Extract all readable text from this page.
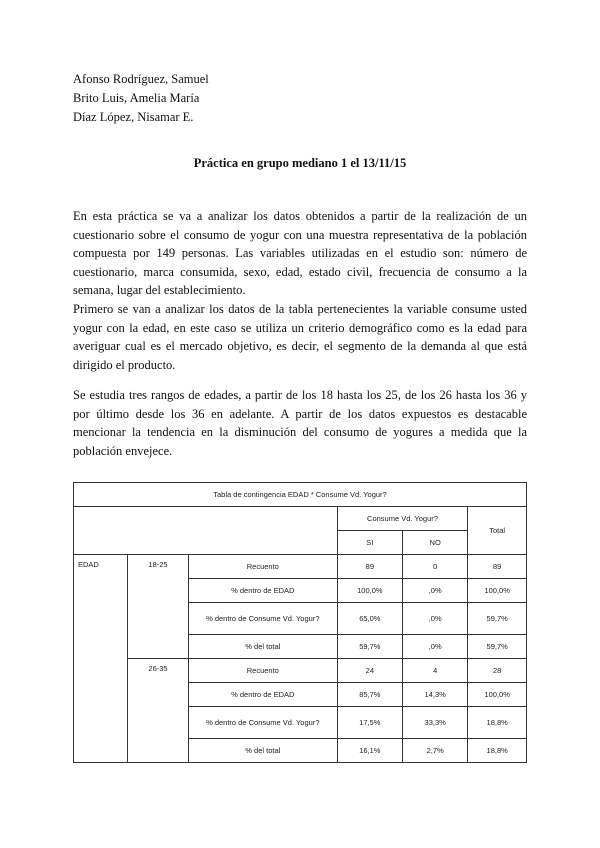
Afonso Rodríguez, Samuel
Brito Luis, Amelia María
Díaz López, Nisamar E.
Práctica en grupo mediano 1 el 13/11/15

En esta práctica se va a analizar los datos obtenidos a partir de la realización de un cuestionario sobre el consumo de yogur con una muestra representativa de la población compuesta por 149 personas. Las variables utilizadas en el estudio son: número de cuestionario, marca consumida, sexo, edad, estado civil, frecuencia de consumo a la semana, lugar del establecimiento.

Primero se van a analizar los datos de la tabla pertenecientes la variable consume usted yogur con la edad, en este caso se utiliza un criterio demográfico como es la edad para averiguar cual es el mercado objetivo, es decir, el segmento de la demanda al que está dirigido el producto.

Se estudia tres rangos de edades, a partir de los 18 hasta los 25, de los 26 hasta los 36 y por último desde los 36 en adelante. A partir de los datos expuestos es destacable mencionar la tendencia en la disminución del consumo de yogures a medida que la población envejece.

Tabla de contingencia EDAD * Consume Vd. Yogur?					
			Consume Vd. Yogur?		Total
			SI	NO	
EDAD	18-25	Recuento	89	0	89
		% dentro de EDAD	100,0%	,0%	100,0%
		% dentro de Consume Vd. Yogur?	65,0%	,0%	59,7%
		% del total	59,7%	,0%	59,7%
	26-35	Recuento	24	4	28
		% dentro de EDAD	85,7%	14,3%	100,0%
		% dentro de Consume Vd. Yogur?	17,5%	33,3%	18,8%
		% del total	16,1%	2,7%	18,8%
